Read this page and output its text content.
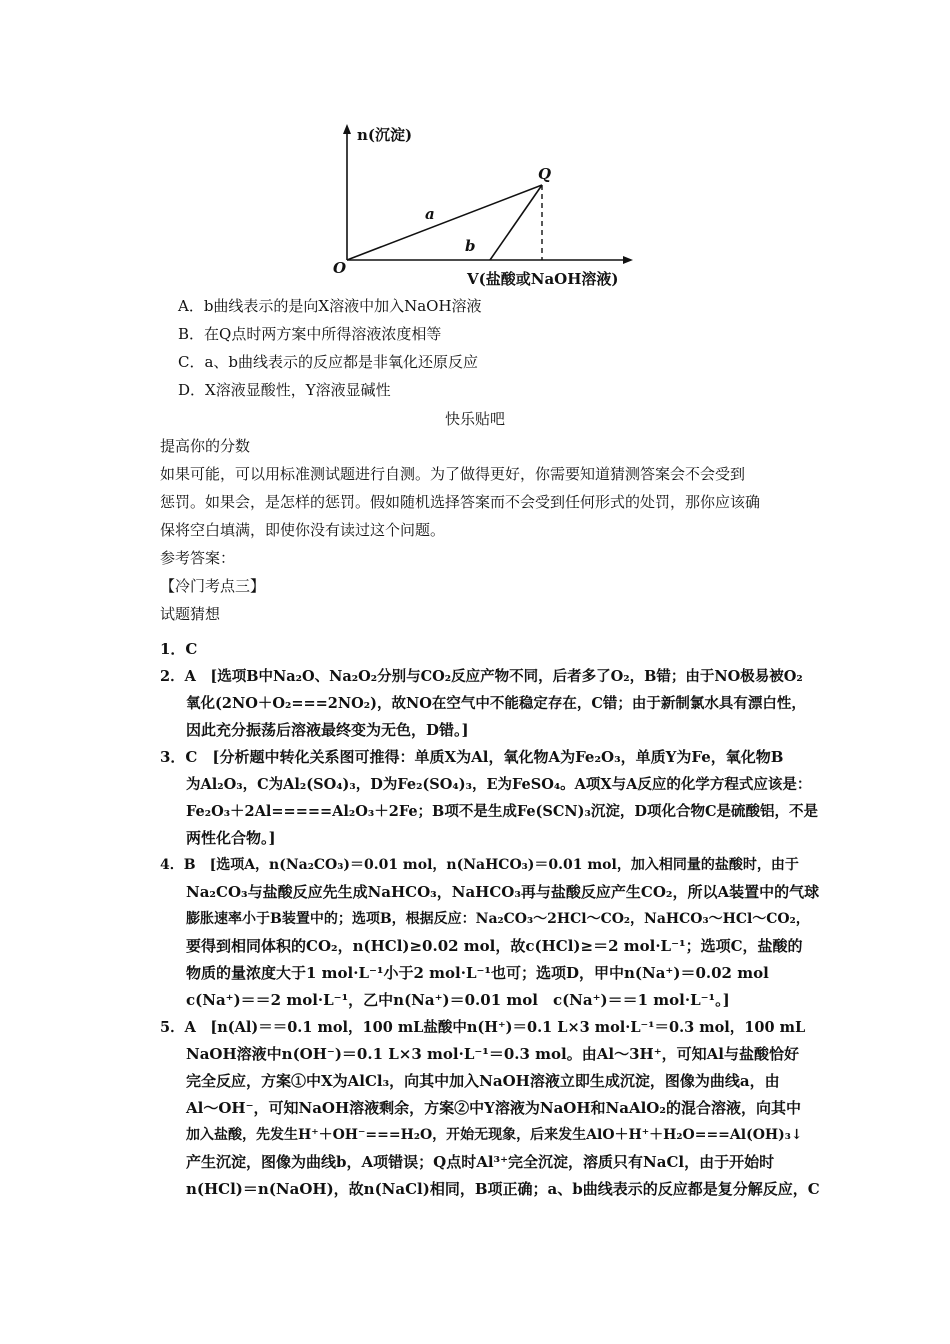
n(沉淀)
V(盐酸或NaOH溶液)
O
Q
a
b
A．b曲线表示的是向X溶液中加入NaOH溶液
B．在Q点时两方案中所得溶液浓度相等
C．a、b曲线表示的反应都是非氧化还原反应
D．X溶液显酸性，Y溶液显碱性
快乐贴吧
提高你的分数
如果可能，可以用标准测试题进行自测。为了做得更好，你需要知道猜测答案会不会受到
惩罚。如果会，是怎样的惩罚。假如随机选择答案而不会受到任何形式的处罚，那你应该确
保将空白填满，即使你没有读过这个问题。
参考答案：
【冷门考点三】
试题猜想
1．C
2．A　[选项B中Na₂O、Na₂O₂分别与CO₂反应产物不同，后者多了O₂，B错；由于NO极易被O₂
氧化(2NO＋O₂===2NO₂)，故NO在空气中不能稳定存在，C错；由于新制氯水具有漂白性，
因此充分振荡后溶液最终变为无色，D错。]
3．C　[分析题中转化关系图可推得：单质X为Al，氧化物A为Fe₂O₃，单质Y为Fe，氧化物B
为Al₂O₃，C为Al₂(SO₄)₃，D为Fe₂(SO₄)₃，E为FeSO₄。A项X与A反应的化学方程式应该是：
Fe₂O₃＋2Al=====Al₂O₃＋2Fe；B项不是生成Fe(SCN)₃沉淀，D项化合物C是硫酸铝，不是
两性化合物。]
4．B　[选项A，n(Na₂CO₃)＝0.01 mol，n(NaHCO₃)＝0.01 mol，加入相同量的盐酸时，由于
Na₂CO₃与盐酸反应先生成NaHCO₃，NaHCO₃再与盐酸反应产生CO₂，所以A装置中的气球
膨胀速率小于B装置中的；选项B，根据反应：Na₂CO₃～2HCl～CO₂，NaHCO₃～HCl～CO₂，
要得到相同体积的CO₂，n(HCl)≥0.02 mol，故c(HCl)≥＝2 mol·L⁻¹；选项C，盐酸的
物质的量浓度大于1 mol·L⁻¹小于2 mol·L⁻¹也可；选项D，甲中n(Na⁺)＝0.02 mol
c(Na⁺)＝＝2 mol·L⁻¹，乙中n(Na⁺)＝0.01 mol　c(Na⁺)＝＝1 mol·L⁻¹。]
5．A　[n(Al)＝＝0.1 mol，100 mL盐酸中n(H⁺)＝0.1 L×3 mol·L⁻¹＝0.3 mol，100 mL
NaOH溶液中n(OH⁻)＝0.1 L×3 mol·L⁻¹＝0.3 mol。由Al～3H⁺，可知Al与盐酸恰好
完全反应，方案①中X为AlCl₃，向其中加入NaOH溶液立即生成沉淀，图像为曲线a，由
Al～OH⁻，可知NaOH溶液剩余，方案②中Y溶液为NaOH和NaAlO₂的混合溶液，向其中
加入盐酸，先发生H⁺＋OH⁻===H₂O，开始无现象，后来发生AlO＋H⁺＋H₂O===Al(OH)₃↓
产生沉淀，图像为曲线b，A项错误；Q点时Al³⁺完全沉淀，溶质只有NaCl，由于开始时
n(HCl)＝n(NaOH)，故n(NaCl)相同，B项正确；a、b曲线表示的反应都是复分解反应，C
